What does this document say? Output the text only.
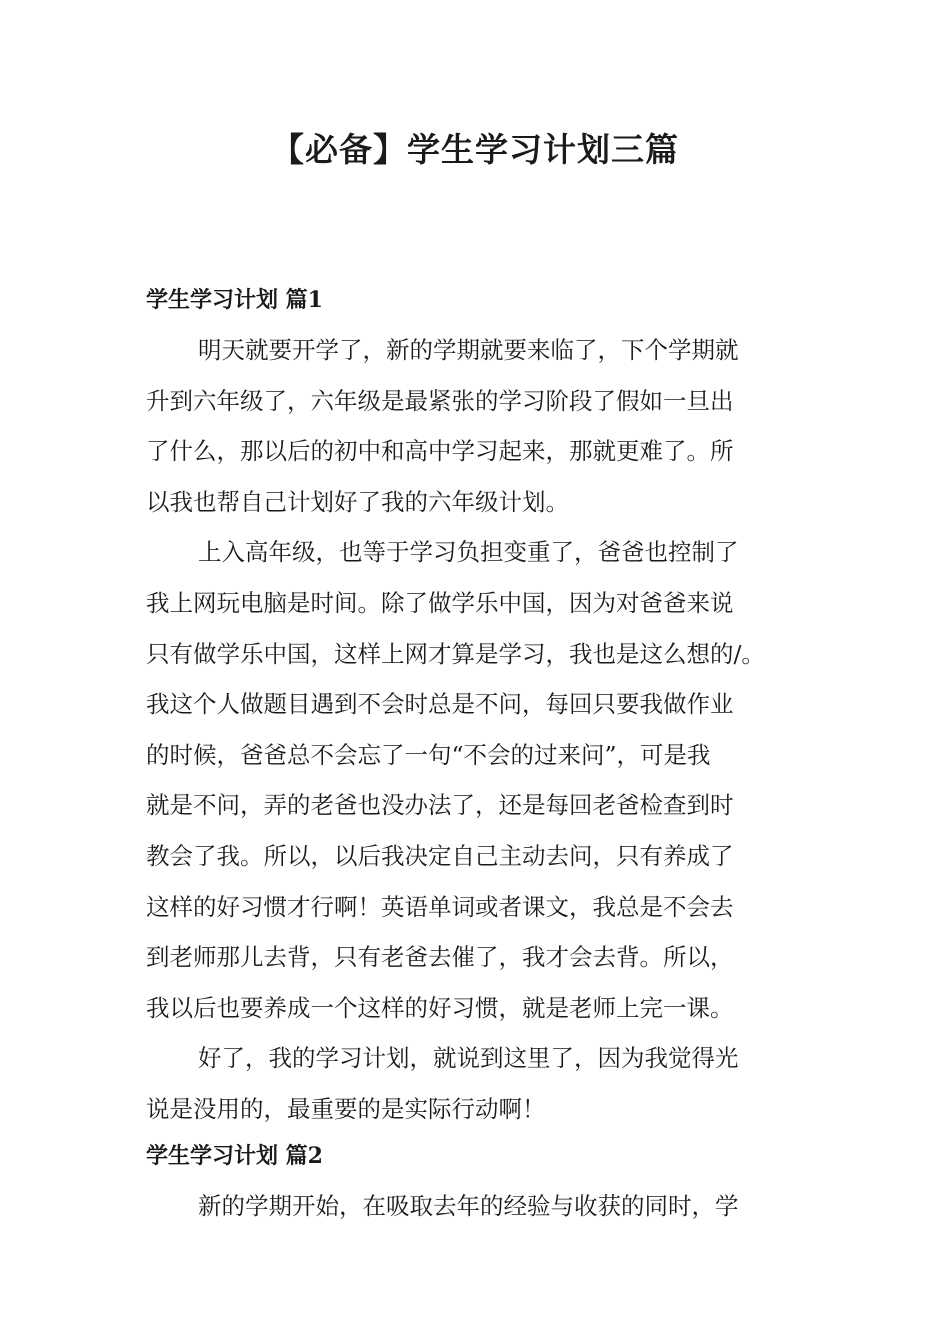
【必备】学生学习计划三篇
学生学习计划 篇1
明天就要开学了，新的学期就要来临了，下个学期就
升到六年级了，六年级是最紧张的学习阶段了假如一旦出
了什么，那以后的初中和高中学习起来，那就更难了。所
以我也帮自己计划好了我的六年级计划。
上入高年级，也等于学习负担变重了，爸爸也控制了
我上网玩电脑是时间。除了做学乐中国，因为对爸爸来说
只有做学乐中国，这样上网才算是学习，我也是这么想的/。
我这个人做题目遇到不会时总是不问，每回只要我做作业
的时候，爸爸总不会忘了一句“不会的过来问”，可是我
就是不问，弄的老爸也没办法了，还是每回老爸检查到时
教会了我。所以，以后我决定自己主动去问，只有养成了
这样的好习惯才行啊！英语单词或者课文，我总是不会去
到老师那儿去背，只有老爸去催了，我才会去背。所以，
我以后也要养成一个这样的好习惯，就是老师上完一课。
好了，我的学习计划，就说到这里了，因为我觉得光
说是没用的，最重要的是实际行动啊！
学生学习计划 篇2
新的学期开始，在吸取去年的经验与收获的同时，学
